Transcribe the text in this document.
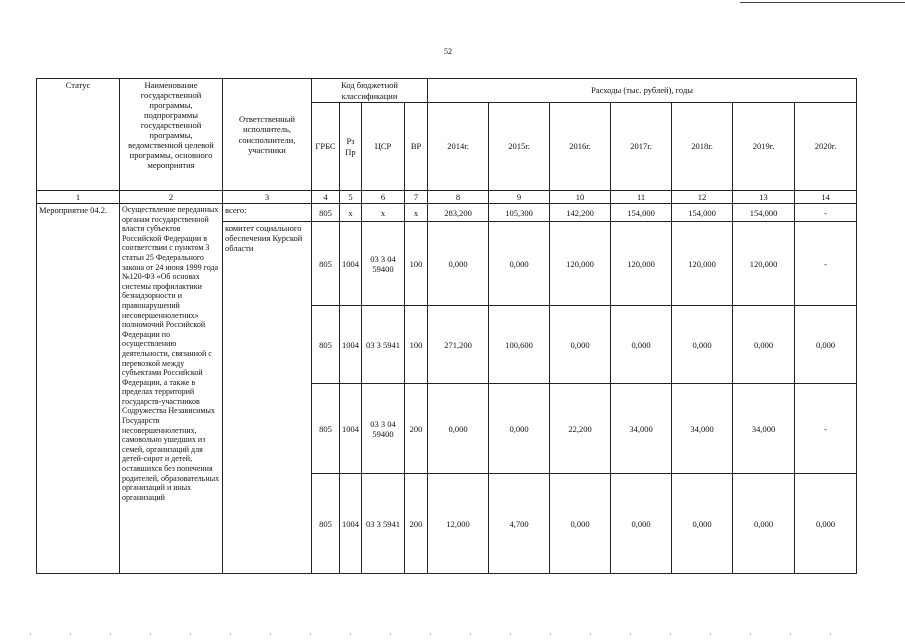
52
Статус	Наименование государственной программы, подпрограммы государственной программы, ведомственной целевой программы, основного мероприятия	Ответственный исполнитель, соисполнители, участники	Код бюджетной классификации				Расходы (тыс. рублей), годы						
			ГРБС	Рз Пр	ЦСР	ВР	2014г.	2015г.	2016г.	2017г.	2018г.	2019г.	2020г.
1	2	3	4	5	6	7	8	9	10	11	12	13	14
Мероприятие 04.2.	Осуществление переданных органам государственной власти субъектов Российской Федерации в соответствии с пунктом 3 статьи 25 Федерального закона от 24 июня 1999 года №120-ФЗ «Об основах системы профилактики безнадзорности и правонарушений несовершеннолетних» полномочий Российской Федерации по осуществлению деятельности, связанной с перевозкой между субъектами Российской Федерации, а также в пределах территорий государств-участников Содружества Независимых Государств несовершеннолетних, самовольно ушедших из семей, организаций для детей-сирот и детей, оставшихся без попечения родителей, образовательных организаций и иных организаций	всего:	805	x	x	x	283,200	105,300	142,200	154,000	154,000	154,000	-
		комитет социального обеспечения Курской области	805	1004	03 3 04 59400	100	0,000	0,000	120,000	120,000	120,000	120,000	-
			805	1004	03 3 5941	100	271,200	100,600	0,000	0,000	0,000	0,000	0,000
			805	1004	03 3 04 59400	200	0,000	0,000	22,200	34,000	34,000	34,000	-
			805	1004	03 3 5941	200	12,000	4,700	0,000	0,000	0,000	0,000	0,000
